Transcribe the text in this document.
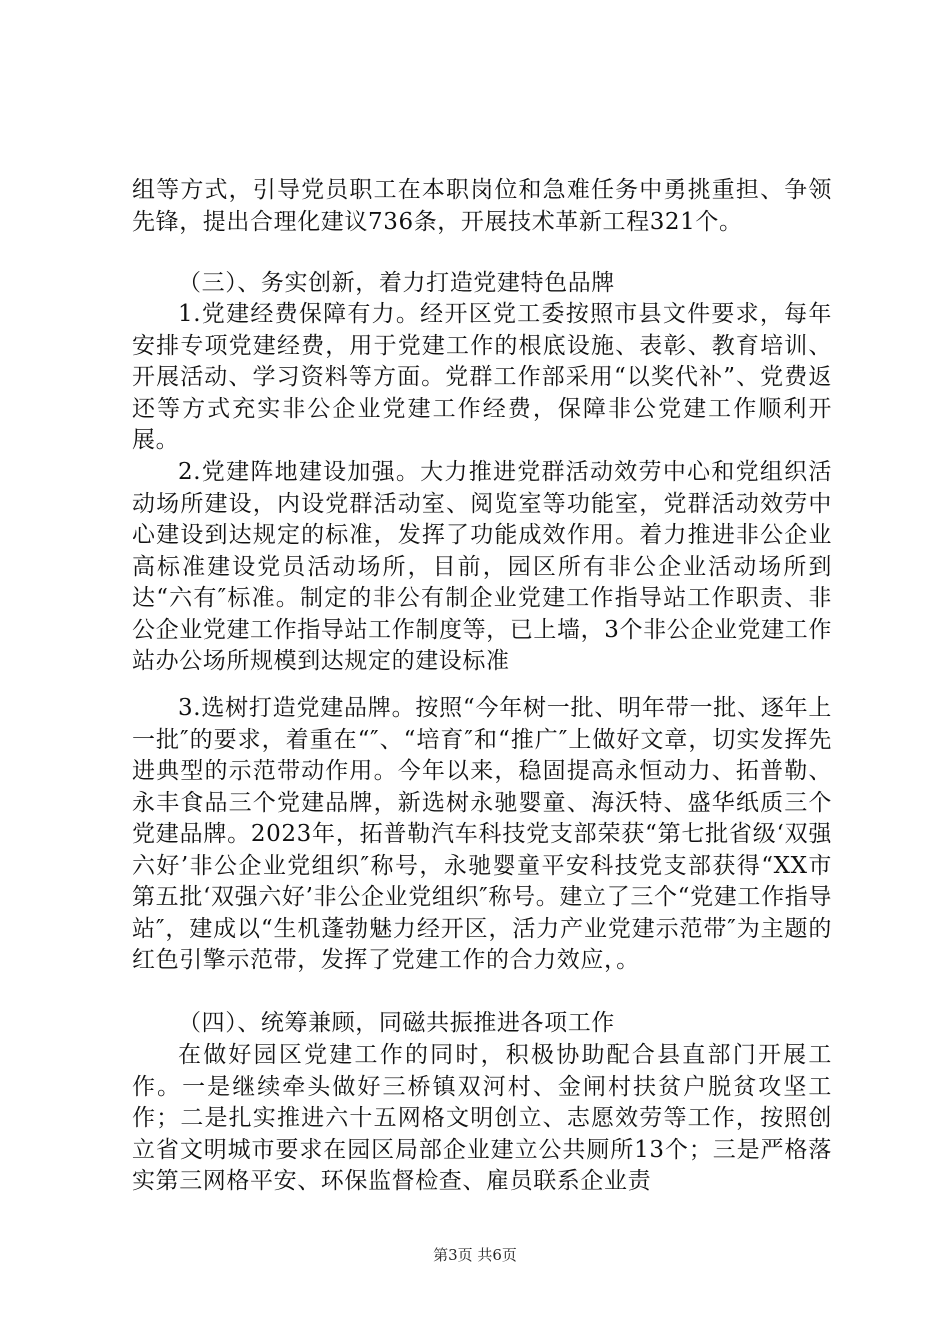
组等方式，引导党员职工在本职岗位和急难任务中勇挑重担、争领先锋，提出合理化建议736条，开展技术革新工程321个。

（三）、务实创新，着力打造党建特色品牌

1.党建经费保障有力。经开区党工委按照市县文件要求，每年安排专项党建经费，用于党建工作的根底设施、表彰、教育培训、开展活动、学习资料等方面。党群工作部采用“以奖代补”、党费返还等方式充实非公企业党建工作经费，保障非公党建工作顺利开展。

2.党建阵地建设加强。大力推进党群活动效劳中心和党组织活动场所建设，内设党群活动室、阅览室等功能室，党群活动效劳中心建设到达规定的标准，发挥了功能成效作用。着力推进非公企业高标准建设党员活动场所，目前，园区所有非公企业活动场所到达“六有″标准。制定的非公有制企业党建工作指导站工作职责、非公企业党建工作指导站工作制度等，已上墙，3个非公企业党建工作站办公场所规模到达规定的建设标准

3.选树打造党建品牌。按照“今年树一批、明年带一批、逐年上一批″的要求，着重在“″、“培育″和“推广″上做好文章，切实发挥先进典型的示范带动作用。今年以来，稳固提高永恒动力、拓普勒、永丰食品三个党建品牌，新选树永驰婴童、海沃特、盛华纸质三个党建品牌。2023年，拓普勒汽车科技党支部荣获“第七批省级‘双强六好’非公企业党组织″称号，永驰婴童平安科技党支部获得“XX市第五批‘双强六好’非公企业党组织″称号。建立了三个“党建工作指导站″，建成以“生机蓬勃魅力经开区，活力产业党建示范带″为主题的红色引擎示范带，发挥了党建工作的合力效应，。

（四）、统筹兼顾，同磁共振推进各项工作

在做好园区党建工作的同时，积极协助配合县直部门开展工作。一是继续牵头做好三桥镇双河村、金闸村扶贫户脱贫攻坚工作；二是扎实推进六十五网格文明创立、志愿效劳等工作，按照创立省文明城市要求在园区局部企业建立公共厕所13个；三是严格落实第三网格平安、环保监督检查、雇员联系企业责

第3页 共6页
